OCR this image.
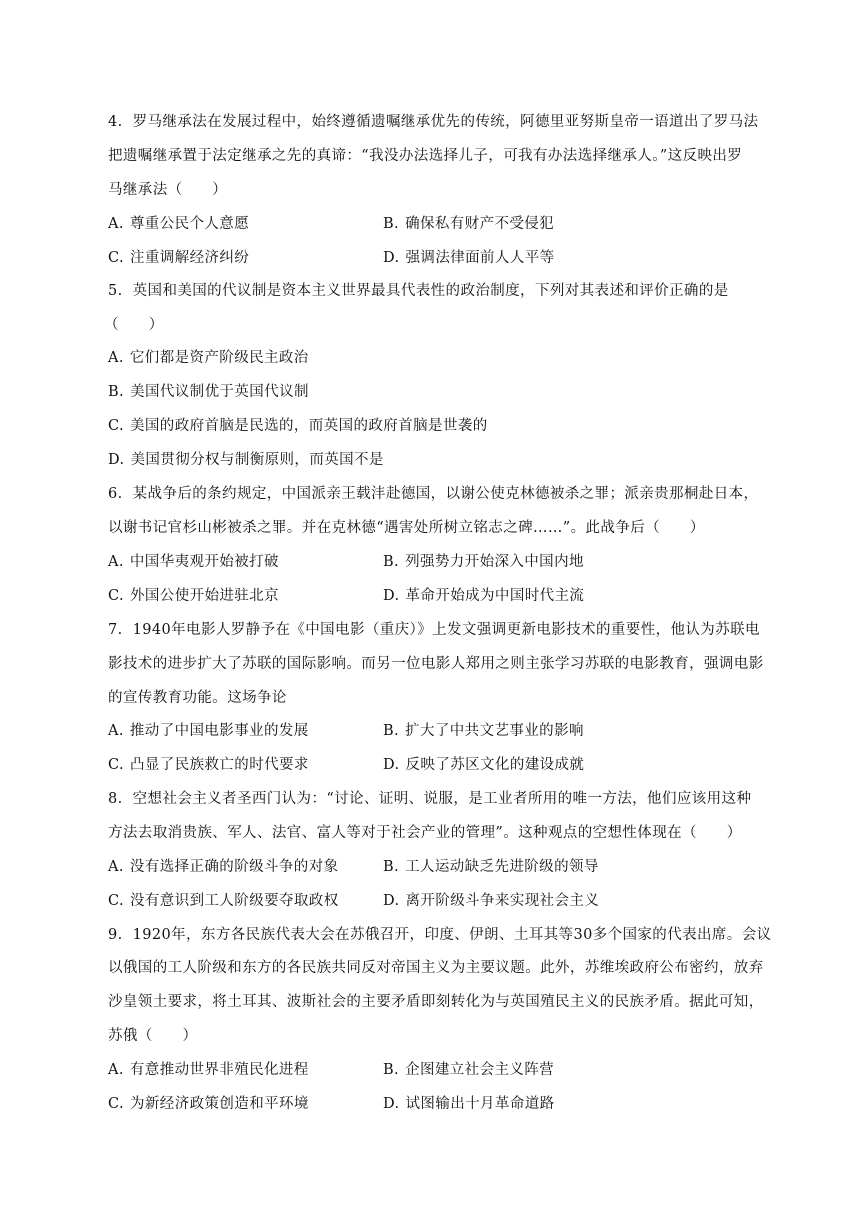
4. 罗马继承法在发展过程中，始终遵循遗嘱继承优先的传统，阿德里亚努斯皇帝一语道出了罗马法
把遗嘱继承置于法定继承之先的真谛：“我没办法选择儿子，可我有办法选择继承人。”这反映出罗
马继承法（　　）
A. 尊重公民个人意愿	B. 确保私有财产不受侵犯
C. 注重调解经济纠纷	D. 强调法律面前人人平等
5. 英国和美国的代议制是资本主义世界最具代表性的政治制度，下列对其表述和评价正确的是
（　　）
A. 它们都是资产阶级民主政治
B. 美国代议制优于英国代议制
C. 美国的政府首脑是民选的，而英国的政府首脑是世袭的
D. 美国贯彻分权与制衡原则，而英国不是
6. 某战争后的条约规定，中国派亲王载沣赴德国，以谢公使克林德被杀之罪；派亲贵那桐赴日本，
以谢书记官杉山彬被杀之罪。并在克林德“遇害处所树立铭志之碑……”。此战争后（　　）
A. 中国华夷观开始被打破	B. 列强势力开始深入中国内地
C. 外国公使开始进驻北京	D. 革命开始成为中国时代主流
7. 1940年电影人罗静予在《中国电影（重庆）》上发文强调更新电影技术的重要性，他认为苏联电
影技术的进步扩大了苏联的国际影响。而另一位电影人郑用之则主张学习苏联的电影教育，强调电影
的宣传教育功能。这场争论
A. 推动了中国电影事业的发展	B. 扩大了中共文艺事业的影响
C. 凸显了民族救亡的时代要求	D. 反映了苏区文化的建设成就
8. 空想社会主义者圣西门认为：“讨论、证明、说服，是工业者所用的唯一方法，他们应该用这种
方法去取消贵族、军人、法官、富人等对于社会产业的管理”。这种观点的空想性体现在（　　）
A. 没有选择正确的阶级斗争的对象	B. 工人运动缺乏先进阶级的领导
C. 没有意识到工人阶级要夺取政权	D. 离开阶级斗争来实现社会主义
9. 1920年，东方各民族代表大会在苏俄召开，印度、伊朗、土耳其等30多个国家的代表出席。会议
以俄国的工人阶级和东方的各民族共同反对帝国主义为主要议题。此外，苏维埃政府公布密约，放弃
沙皇领土要求，将土耳其、波斯社会的主要矛盾即刻转化为与英国殖民主义的民族矛盾。据此可知，
苏俄（　　）
A. 有意推动世界非殖民化进程	B. 企图建立社会主义阵营
C. 为新经济政策创造和平环境	D. 试图输出十月革命道路
